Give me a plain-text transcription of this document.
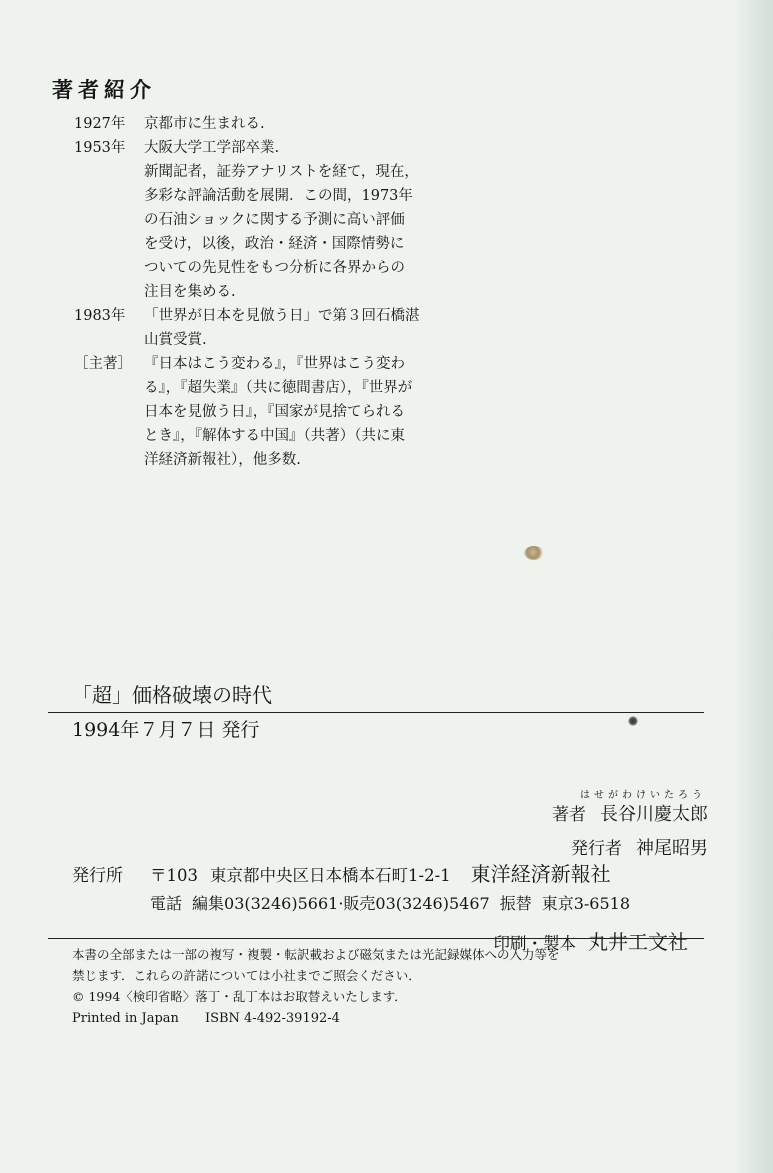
著者紹介
1927年	京都市に生まれる.
1953年	大阪大学工学部卒業.
新聞記者，証券アナリストを経て，現在，
多彩な評論活動を展開．この間，1973年
の石油ショックに関する予測に高い評価
を受け，以後，政治・経済・国際情勢に
ついての先見性をもつ分析に各界からの
注目を集める.
1983年	「世界が日本を見倣う日」で第３回石橋湛
山賞受賞.
［主著］ 『日本はこう変わる』，『世界はこう変わ
る』，『超失業』（共に徳間書店），『世界が
日本を見倣う日』，『国家が見捨てられる
とき』，『解体する中国』（共著）（共に東
洋経済新報社），他多数.
「超」価格破壊の時代
1994年７月７日 発行
はせがわけいたろう
著者 長谷川慶太郎
発行者 神尾昭男
発行所	〒103 東京都中央区日本橋本石町1-2-1 東洋経済新報社
電話 編集03(3246)5661·販売03(3246)5467 振替 東京3-6518
印刷・製本 丸井工文社
本書の全部または一部の複写・複製・転訳載および磁気または光記録媒体への入力等を
禁じます．これらの許諾については小社までご照会ください．
© 1994〈検印省略〉落丁・乱丁本はお取替えいたします．
Printed in Japan ISBN 4-492-39192-4
